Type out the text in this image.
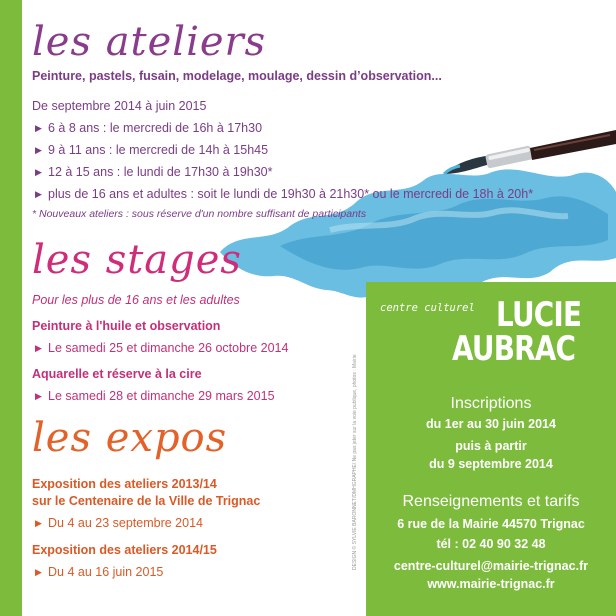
les ateliers
Peinture, pastels, fusain, modelage, moulage, dessin d’observation...
De septembre 2014 à juin 2015
▶ 6 à 8 ans : le mercredi de 16h à 17h30
▶ 9 à 11 ans : le mercredi de 14h à 15h45
▶ 12 à 15 ans : le lundi de 17h30 à 19h30*
▶ plus de 16 ans et adultes : soit le lundi de 19h30 à 21h30* ou le mercredi de 18h à 20h*
* Nouveaux ateliers : sous réserve d'un nombre suffisant de participants
les stages
Pour les plus de 16 ans et les adultes
Peinture à l'huile et observation
▶ Le samedi 25 et dimanche 26 octobre 2014
Aquarelle et réserve à la cire
▶ Le samedi 28 et dimanche 29 mars 2015
les expos
Exposition des ateliers 2013/14
sur le Centenaire de la Ville de Trignac
▶ Du 4 au 23 septembre 2014
Exposition des ateliers 2014/15
▶ Du 4 au 16 juin 2015
DESIGN © SYLVIE BARONNET/DMHGRAPHE/ Ne pas jeter sur la voie publique, photos : Mairie
centre culturel LUCIE
AUBRAC
Inscriptions
du 1er au 30 juin 2014
puis à partir
du 9 septembre 2014
Renseignements et tarifs
6 rue de la Mairie 44570 Trignac
tél : 02 40 90 32 48
centre-culturel@mairie-trignac.fr
www.mairie-trignac.fr
